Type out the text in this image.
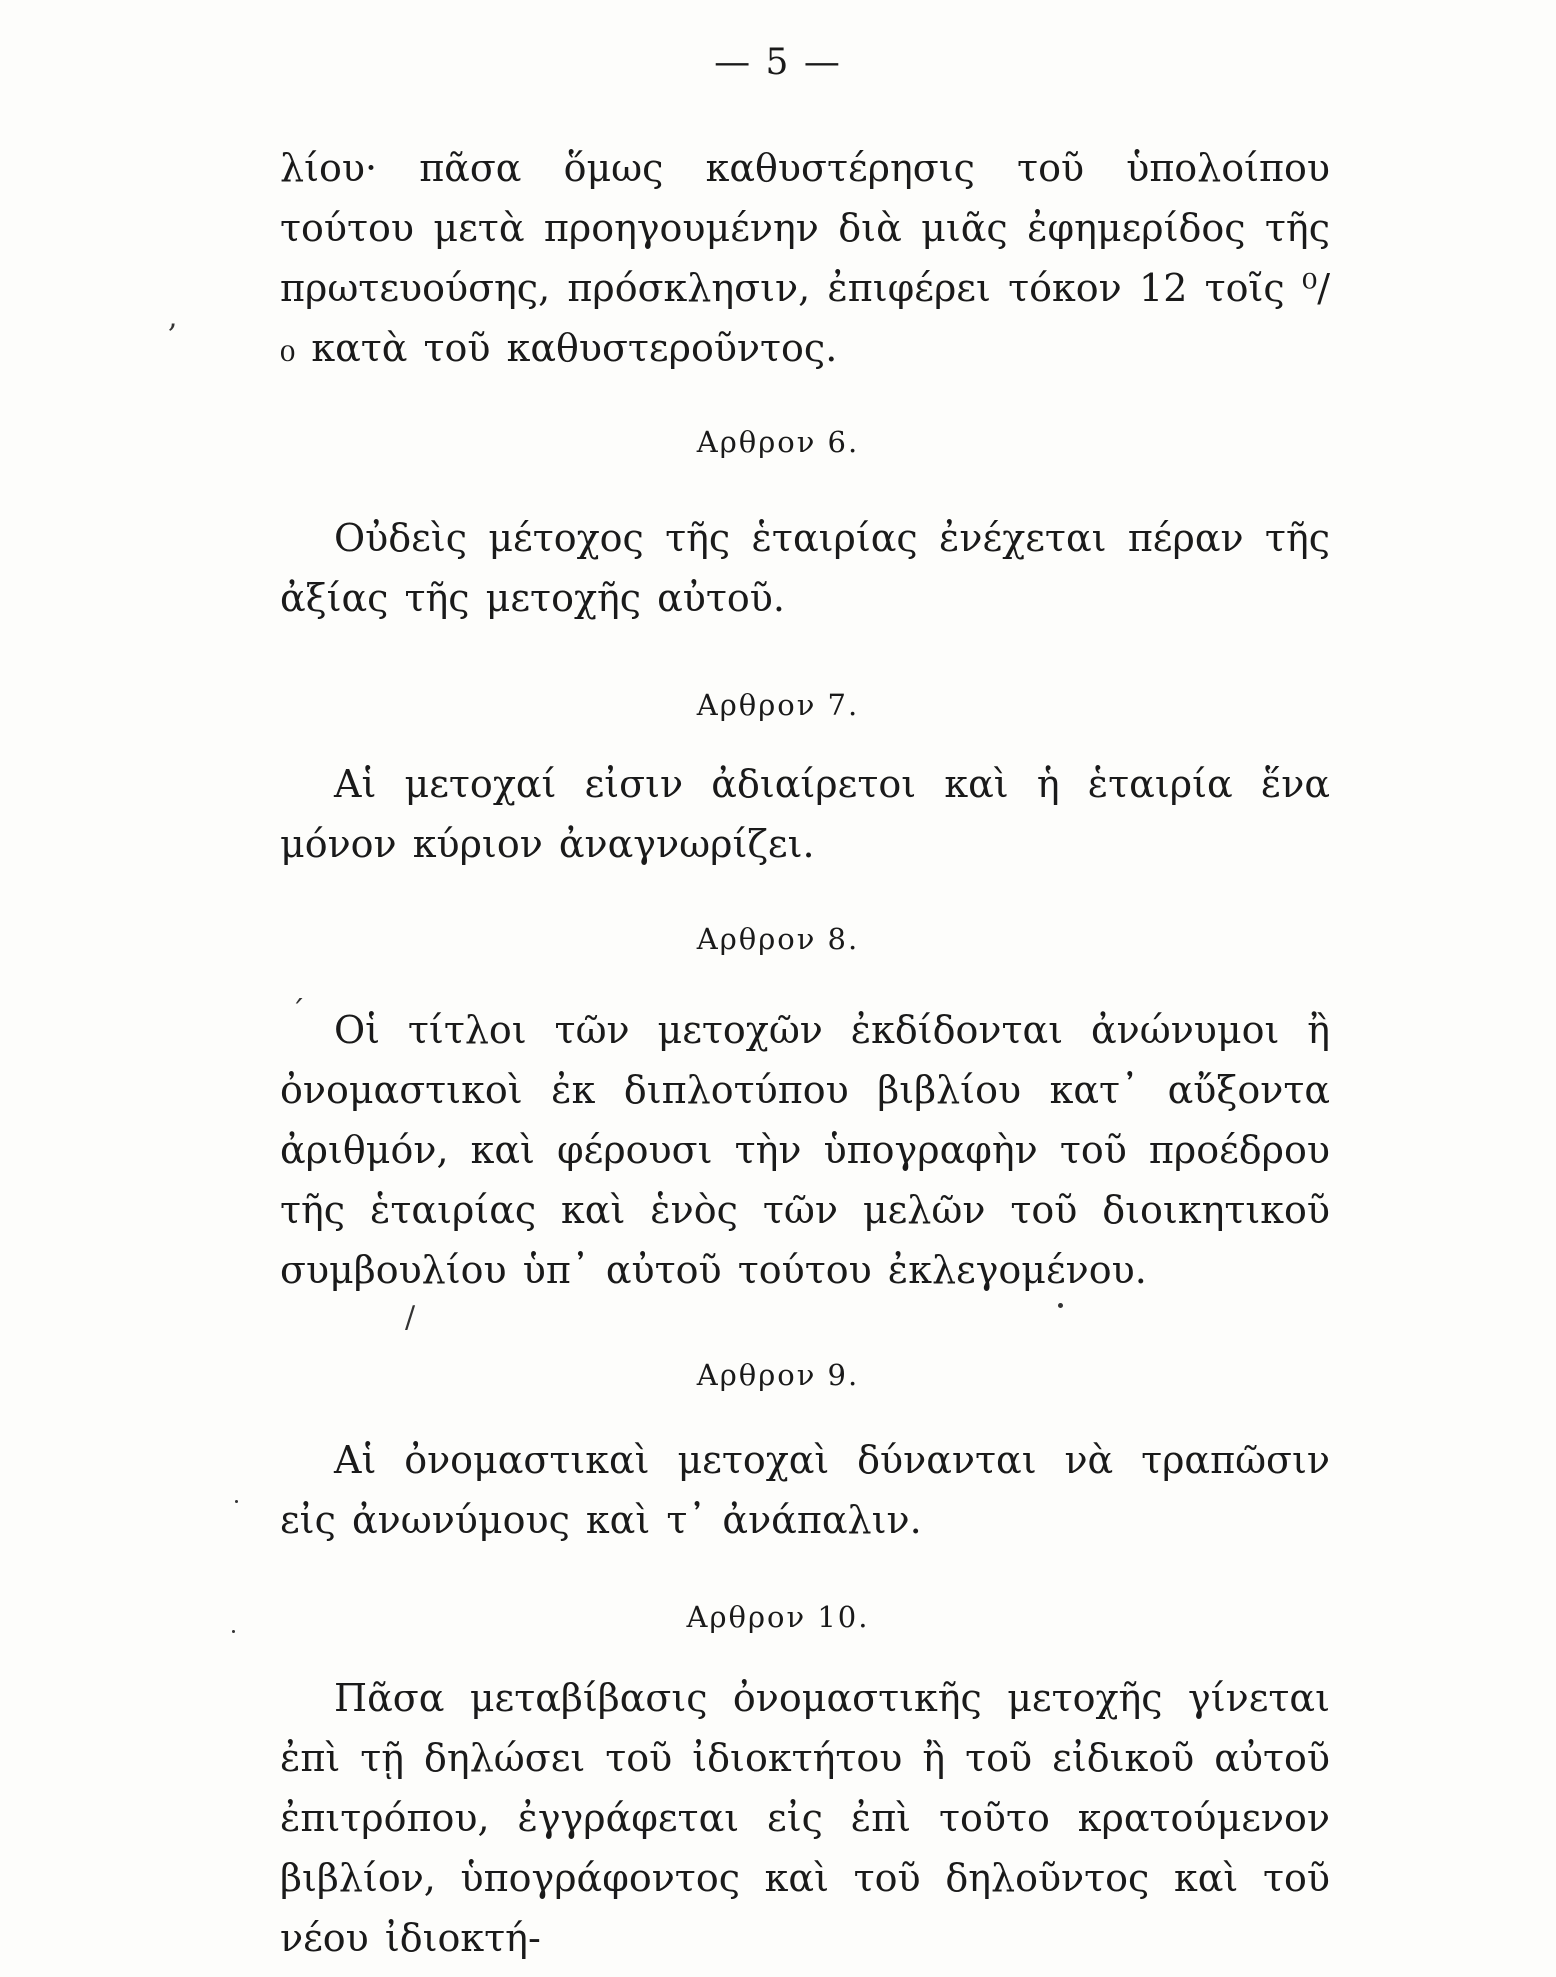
— 5 —
λίου· πᾶσα ὅμως καθυστέρησις τοῦ ὑπολοίπου τούτου μετὰ προηγουμένην διὰ μιᾶς ἐφημερίδος τῆς πρωτευούσης, πρόσκλησιν, ἐπιφέρει τόκον 12 τοῖς ⁰/₀ κατὰ τοῦ καθυστεροῦντος.
Αρθρον 6.
Οὐδεὶς μέτοχος τῆς ἑταιρίας ἐνέχεται πέραν τῆς ἀξίας τῆς μετοχῆς αὐτοῦ.
Αρθρον 7.
Αἱ μετοχαί εἰσιν ἀδιαίρετοι καὶ ἡ ἑταιρία ἕνα μόνον κύριον ἀναγνωρίζει.
Αρθρον 8.
Οἱ τίτλοι τῶν μετοχῶν ἐκδίδονται ἀνώνυμοι ἢ ὀνομαστικοὶ ἐκ διπλοτύπου βιβλίου κατ᾽ αὔξοντα ἀριθμόν, καὶ φέρουσι τὴν ὑπογραφὴν τοῦ προέδρου τῆς ἑταιρίας καὶ ἑνὸς τῶν μελῶν τοῦ διοικητικοῦ συμβουλίου ὑπ᾽ αὐτοῦ τούτου ἐκλεγομένου.
Αρθρον 9.
Αἱ ὀνομαστικαὶ μετοχαὶ δύνανται νὰ τραπῶσιν εἰς ἀνωνύμους καὶ τ᾽ ἀνάπαλιν.
Αρθρον 10.
Πᾶσα μεταβίβασις ὀνομαστικῆς μετοχῆς γίνεται ἐπὶ τῇ δηλώσει τοῦ ἰδιοκτήτου ἢ τοῦ εἰδικοῦ αὐτοῦ ἐπιτρόπου, ἐγγράφεται εἰς ἐπὶ τοῦτο κρατούμενον βιβλίον, ὑπογράφοντος καὶ τοῦ δηλοῦντος καὶ τοῦ νέου ἰδιοκτή-
,
´
/
